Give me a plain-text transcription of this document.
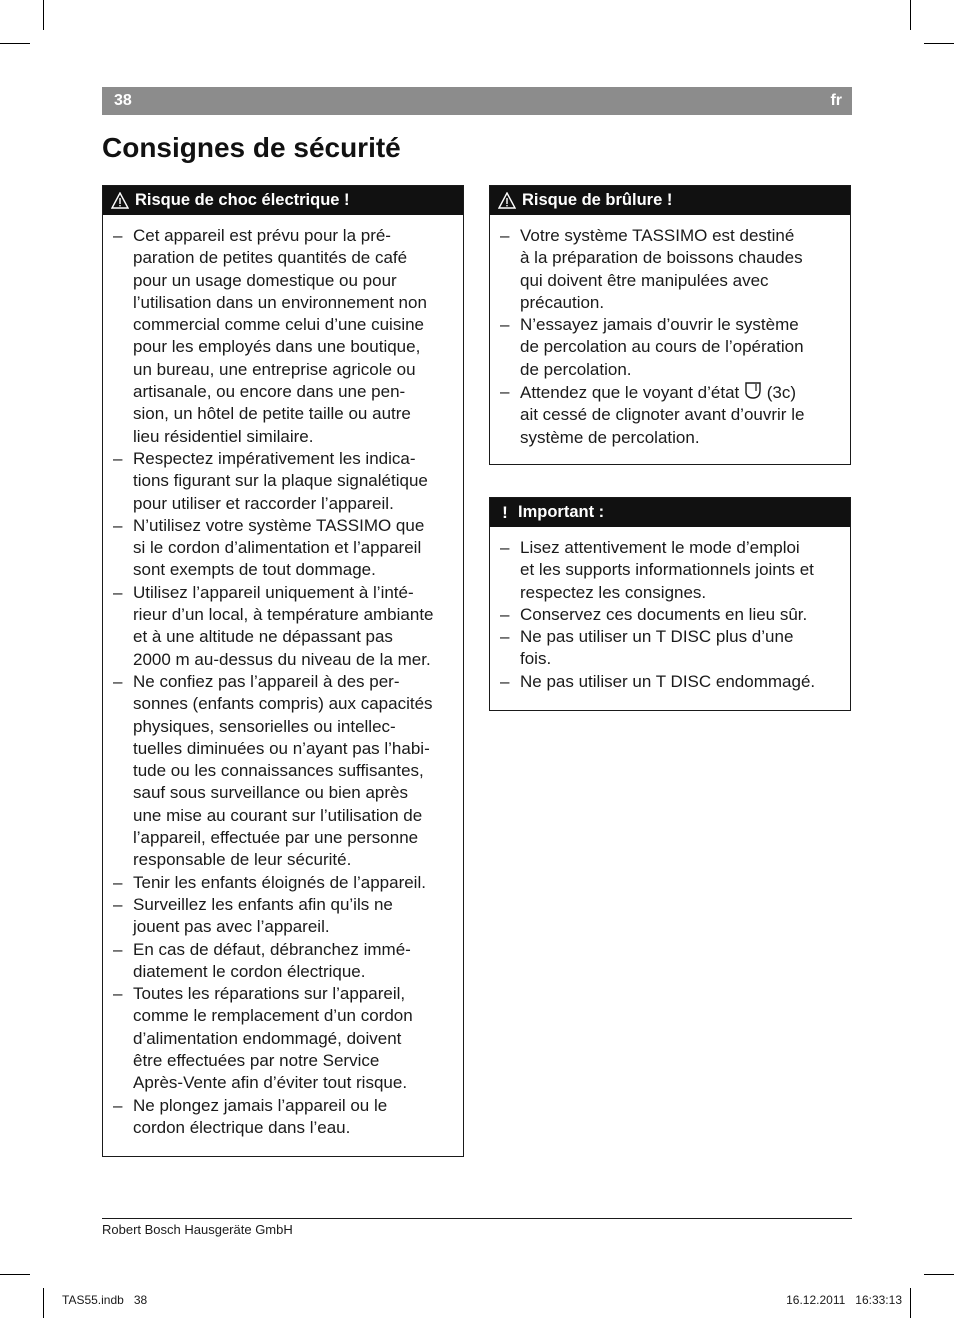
38	fr
Consignes de sécurité
Risque de choc électrique !
– Cet appareil est prévu pour la pré-
paration de petites quantités de café
pour un usage domestique ou pour
l’utilisation dans un environnement non
commercial comme celui d’une cuisine
pour les employés dans une boutique,
un bureau, une entreprise agricole ou
artisanale, ou encore dans une pen-
sion, un hôtel de petite taille ou autre
lieu résidentiel similaire.
– Respectez impérativement les indica-
tions figurant sur la plaque signalétique
pour utiliser et raccorder l’appareil.
– N’utilisez votre système TASSIMO que
si le cordon d’alimentation et l’appareil
sont exempts de tout dommage.
– Utilisez l’appareil uniquement à l’inté-
rieur d’un local, à température ambiante
et à une altitude ne dépassant pas
2000 m au-dessus du niveau de la mer.
– Ne confiez pas l’appareil à des per-
sonnes (enfants compris) aux capacités
physiques, sensorielles ou intellec-
tuelles diminuées ou n’ayant pas l’habi-
tude ou les connaissances suffisantes,
sauf sous surveillance ou bien après
une mise au courant sur l’utilisation de
l’appareil, effectuée par une personne
responsable de leur sécurité.
– Tenir les enfants éloignés de l’appareil.
– Surveillez les enfants afin qu’ils ne
jouent pas avec l’appareil.
– En cas de défaut, débranchez immé-
diatement le cordon électrique.
– Toutes les réparations sur l’appareil,
comme le remplacement d’un cordon
d’alimentation endommagé, doivent
être effectuées par notre Service
Après-Vente afin d’éviter tout risque.
– Ne plongez jamais l’appareil ou le
cordon électrique dans l’eau.
Risque de brûlure !
– Votre système TASSIMO est destiné
à la préparation de boissons chaudes
qui doivent être manipulées avec
précaution.
– N’essayez jamais d’ouvrir le système
de percolation au cours de l’opération
de percolation.
– Attendez que le voyant d’état  (3c)
ait cessé de clignoter avant d’ouvrir le
système de percolation.
! Important :
– Lisez attentivement le mode d’emploi
et les supports informationnels joints et
respectez les consignes.
– Conservez ces documents en lieu sûr.
– Ne pas utiliser un T DISC plus d’une
fois.
– Ne pas utiliser un T DISC endommagé.
Robert Bosch Hausgeräte GmbH
TAS55.indb   38	16.12.2011   16:33:13
